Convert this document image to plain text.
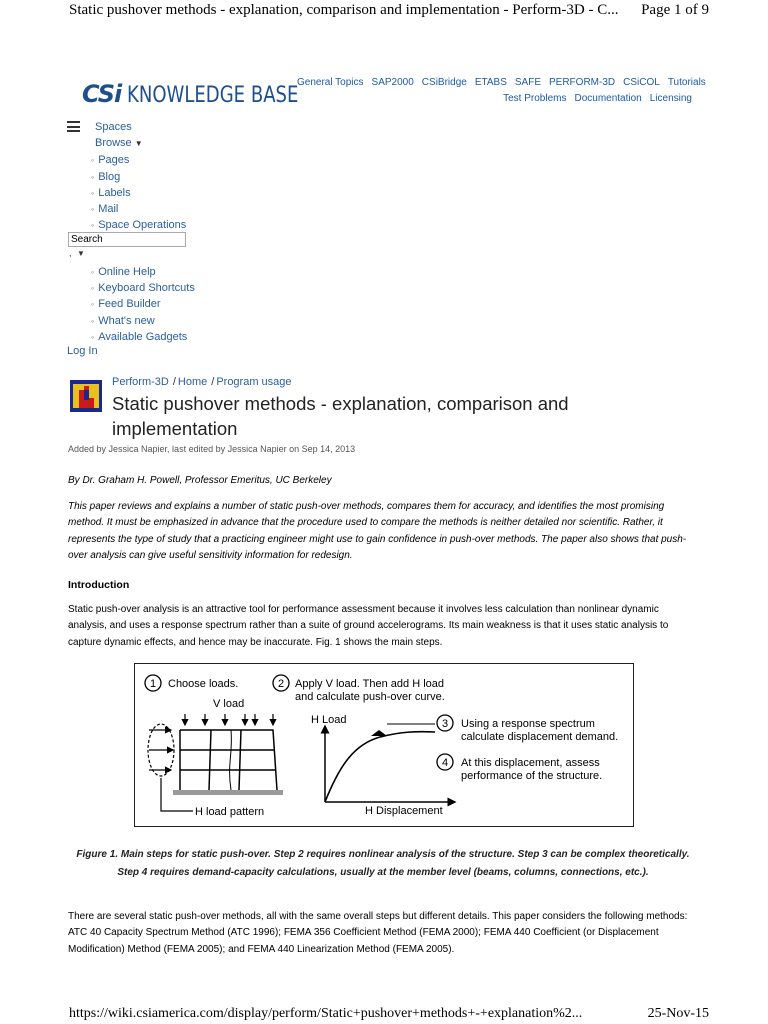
Static pushover methods - explanation, comparison and implementation - Perform-3D - C... Page 1 of 9
CSi KNOWLEDGE BASE
General Topics SAP2000 CSiBridge ETABS SAFE PERFORM-3D CSiCOL Tutorials
Test Problems Documentation Licensing
Spaces
Browse ▼
◦ Pages
◦ Blog
◦ Labels
◦ Mail
◦ Space Operations
Search
, ▼
◦ Online Help
◦ Keyboard Shortcuts
◦ Feed Builder
◦ What's new
◦ Available Gadgets
Log In
Perform-3D / Home / Program usage
Static pushover methods - explanation, comparison and implementation
Added by Jessica Napier, last edited by Jessica Napier on Sep 14, 2013
By Dr. Graham H. Powell, Professor Emeritus, UC Berkeley
This paper reviews and explains a number of static push-over methods, compares them for accuracy, and identifies the most promising method. It must be emphasized in advance that the procedure used to compare the methods is neither detailed nor scientific. Rather, it represents the type of study that a practicing engineer might use to gain confidence in push-over methods. The paper also shows that push-over analysis can give useful sensitivity information for redesign.
Introduction
Static push-over analysis is an attractive tool for performance assessment because it involves less calculation than nonlinear dynamic analysis, and uses a response spectrum rather than a suite of ground accelerograms. Its main weakness is that it uses static analysis to capture dynamic effects, and hence may be inaccurate. Fig. 1 shows the main steps.
1 Choose loads.
V load
H load pattern
2 Apply V load. Then add H load
and calculate push-over curve.
H Load
H Displacement
3 Using a response spectrum
calculate displacement demand.
4 At this displacement, assess
performance of the structure.
Figure 1. Main steps for static push-over. Step 2 requires nonlinear analysis of the structure. Step 3 can be complex theoretically. Step 4 requires demand-capacity calculations, usually at the member level (beams, columns, connections, etc.).
There are several static push-over methods, all with the same overall steps but different details. This paper considers the following methods: ATC 40 Capacity Spectrum Method (ATC 1996); FEMA 356 Coefficient Method (FEMA 2000); FEMA 440 Coefficient (or Displacement Modification) Method (FEMA 2005); and FEMA 440 Linearization Method (FEMA 2005).
https://wiki.csiamerica.com/display/perform/Static+pushover+methods+-+explanation%2...	25-Nov-15
